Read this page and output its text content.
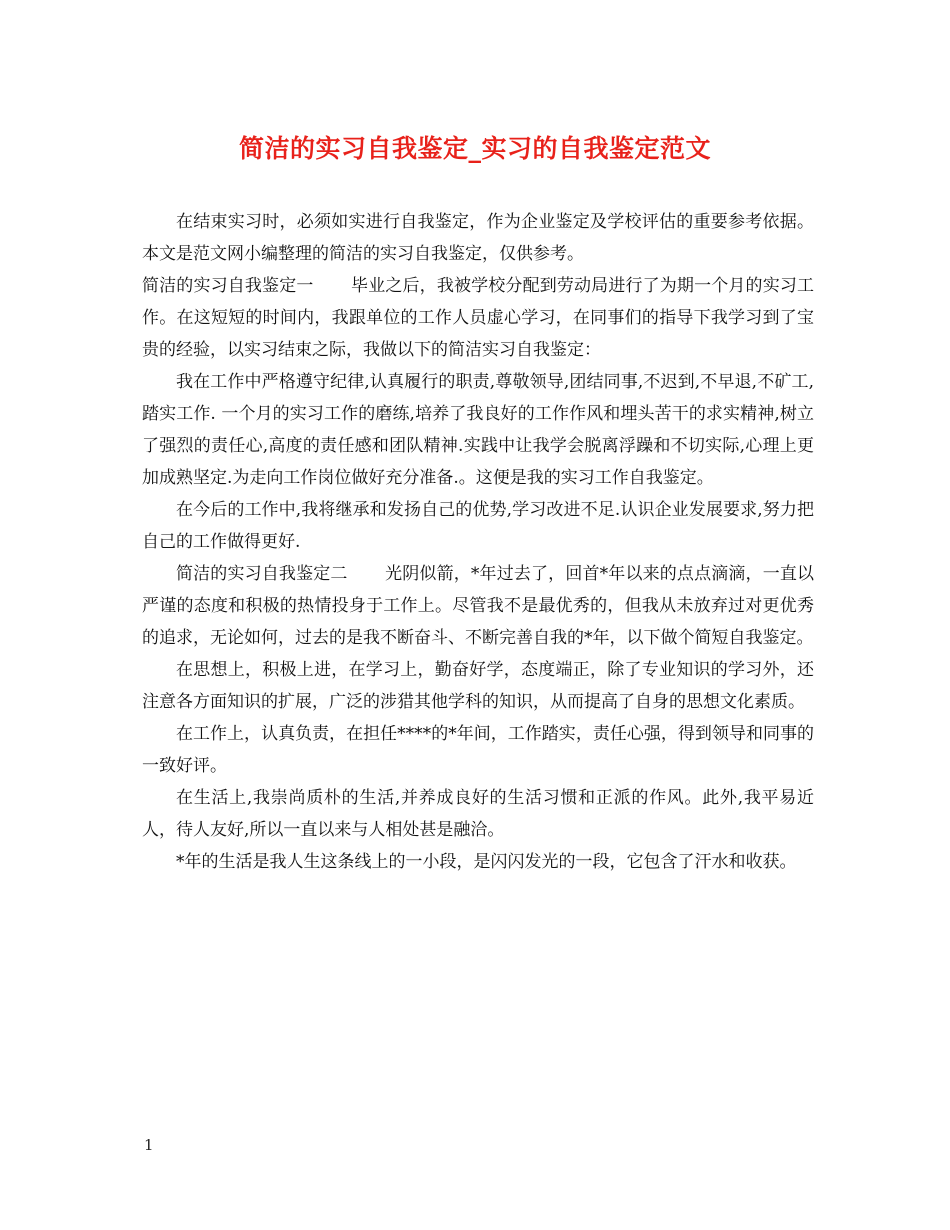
简洁的实习自我鉴定_实习的自我鉴定范文

在结束实习时，必须如实进行自我鉴定，作为企业鉴定及学校评估的重要参考依据。本文是范文网小编整理的简洁的实习自我鉴定，仅供参考。

简洁的实习自我鉴定一 毕业之后，我被学校分配到劳动局进行了为期一个月的实习工作。在这短短的时间内，我跟单位的工作人员虚心学习，在同事们的指导下我学习到了宝贵的经验，以实习结束之际，我做以下的简洁实习自我鉴定：

我在工作中严格遵守纪律,认真履行的职责,尊敬领导,团结同事,不迟到,不早退,不矿工,踏实工作. 一个月的实习工作的磨练,培养了我良好的工作作风和埋头苦干的求实精神,树立了强烈的责任心,高度的责任感和团队精神.实践中让我学会脱离浮躁和不切实际,心理上更加成熟坚定.为走向工作岗位做好充分准备.。这便是我的实习工作自我鉴定。

在今后的工作中,我将继承和发扬自己的优势,学习改进不足.认识企业发展要求,努力把自己的工作做得更好.

简洁的实习自我鉴定二 光阴似箭，*年过去了，回首*年以来的点点滴滴，一直以严谨的态度和积极的热情投身于工作上。尽管我不是最优秀的，但我从未放弃过对更优秀的追求，无论如何，过去的是我不断奋斗、不断完善自我的*年，以下做个简短自我鉴定。

在思想上，积极上进，在学习上，勤奋好学，态度端正，除了专业知识的学习外，还注意各方面知识的扩展，广泛的涉猎其他学科的知识，从而提高了自身的思想文化素质。

在工作上，认真负责，在担任****的*年间，工作踏实，责任心强，得到领导和同事的一致好评。

在生活上,我崇尚质朴的生活,并养成良好的生活习惯和正派的作风。此外,我平易近人，待人友好,所以一直以来与人相处甚是融洽。

*年的生活是我人生这条线上的一小段，是闪闪发光的一段，它包含了汗水和收获。

1
